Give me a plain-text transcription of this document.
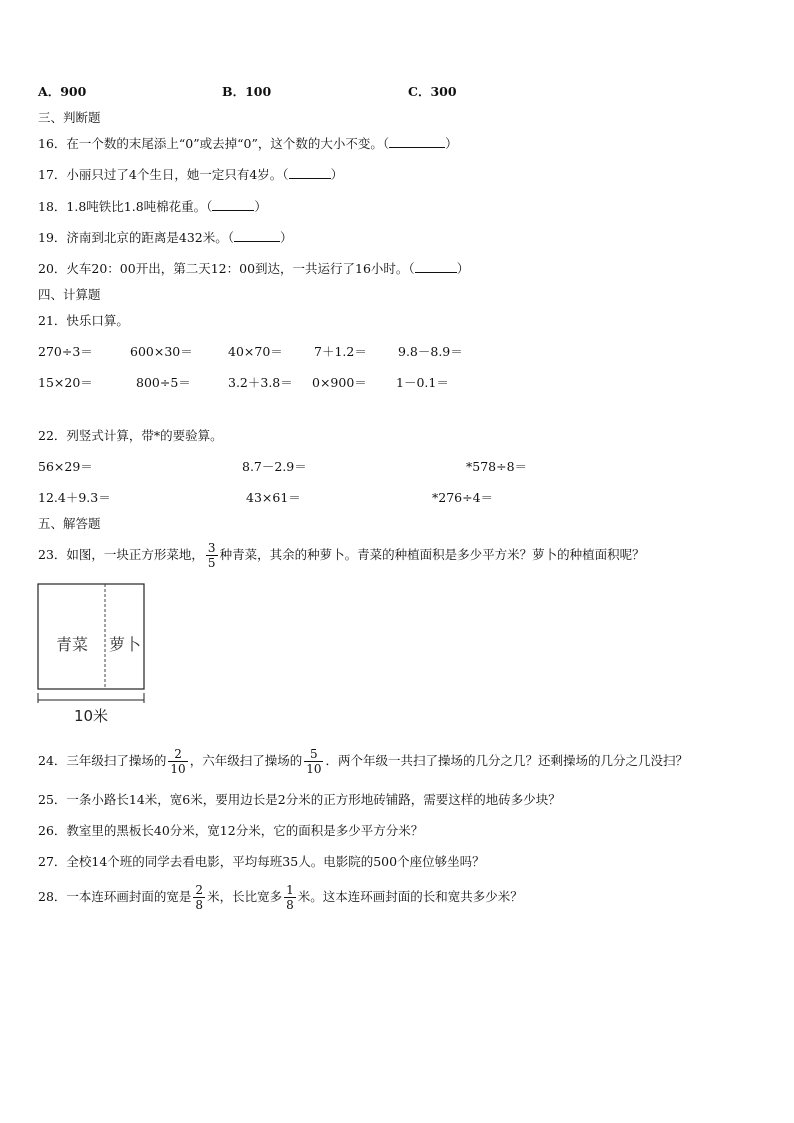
A．900	B．100	C．300
三、判断题
16．在一个数的末尾添上“0”或去掉“0”，这个数的大小不变。（	）
17．小丽只过了4个生日，她一定只有4岁。（	）
18．1.8吨铁比1.8吨棉花重。（	）
19．济南到北京的距离是432米。（	）
20．火车20：00开出，第二天12：00到达，一共运行了16小时。（	）
四、计算题
21．快乐口算。
270÷3＝	600×30＝	40×70＝ 7＋1.2＝ 9.8－8.9＝
15×20＝	800÷5＝	3.2＋3.8＝ 0×900＝ 1－0.1＝
22．列竖式计算，带*的要验算。
56×29＝	8.7－2.9＝	*578÷8＝
12.4＋9.3＝	43×61＝	*276÷4＝
五、解答题
23．如图，一块正方形菜地， $\frac{3}{5}$ 种青菜，其余的种萝卜。青菜的种植面积是多少平方米？萝卜的种植面积呢？
青菜 萝卜
10米
24．三年级扫了操场的 $\frac{2}{10}$ ，六年级扫了操场的 $\frac{5}{10}$ ．两个年级一共扫了操场的几分之几？还剩操场的几分之几没扫？
25．一条小路长14米，宽6米，要用边长是2分米的正方形地砖铺路，需要这样的地砖多少块？
26．教室里的黑板长40分米，宽12分米，它的面积是多少平方分米？
27．全校14个班的同学去看电影，平均每班35人。电影院的500个座位够坐吗？
28．一本连环画封面的宽是 $\frac{2}{8}$ 米，长比宽多 $\frac{1}{8}$ 米。这本连环画封面的长和宽共多少米？
